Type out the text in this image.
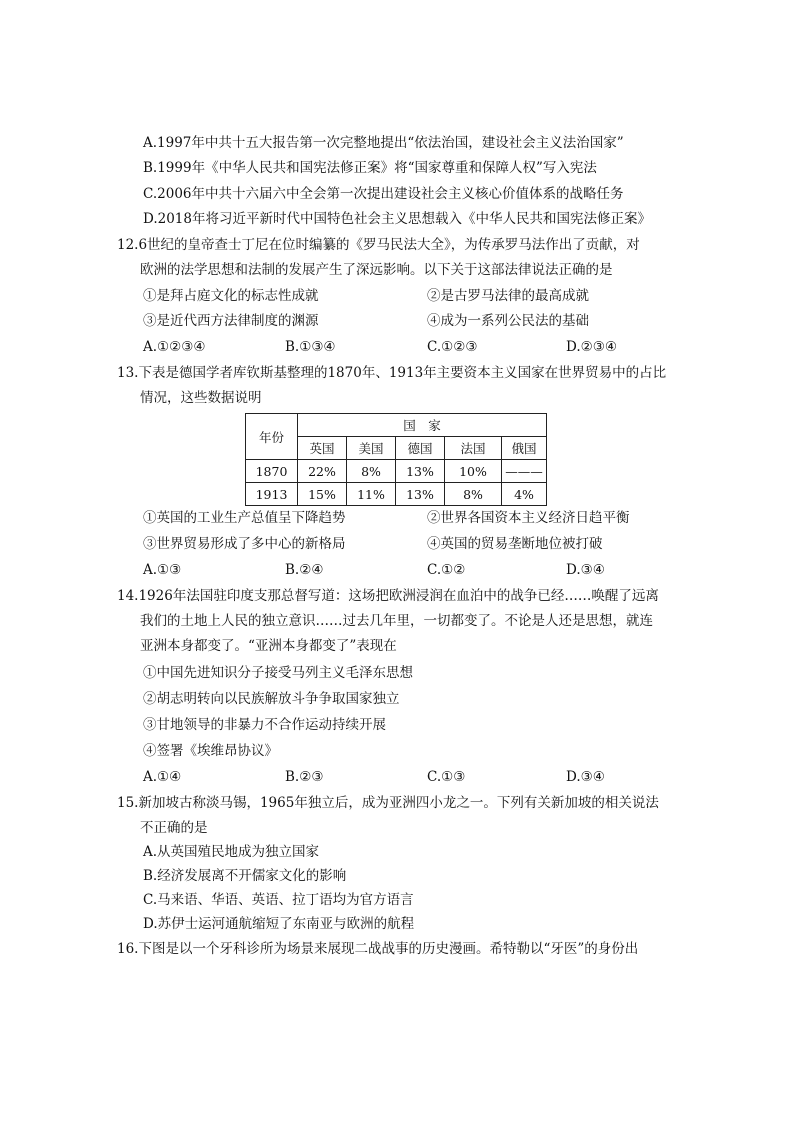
A.1997年中共十五大报告第一次完整地提出“依法治国，建设社会主义法治国家”
B.1999年《中华人民共和国宪法修正案》将“国家尊重和保障人权”写入宪法
C.2006年中共十六届六中全会第一次提出建设社会主义核心价值体系的战略任务
D.2018年将习近平新时代中国特色社会主义思想载入《中华人民共和国宪法修正案》
12.6世纪的皇帝查士丁尼在位时编纂的《罗马民法大全》，为传承罗马法作出了贡献，对
欧洲的法学思想和法制的发展产生了深远影响。以下关于这部法律说法正确的是
①是拜占庭文化的标志性成就	②是古罗马法律的最高成就
③是近代西方法律制度的渊源	④成为一系列公民法的基础
A.①②③④	B.①③④	C.①②③	D.②③④
13.下表是德国学者库钦斯基整理的1870年、1913年主要资本主义国家在世界贸易中的占比
情况，这些数据说明
年份	国　家				
	英国	美国	德国	法国	俄国
1870	22%	8%	13%	10%	———
1913	15%	11%	13%	8%	4%
①英国的工业生产总值呈下降趋势	②世界各国资本主义经济日趋平衡
③世界贸易形成了多中心的新格局	④英国的贸易垄断地位被打破
A.①③	B.②④	C.①②	D.③④
14.1926年法国驻印度支那总督写道：这场把欧洲浸润在血泊中的战争已经……唤醒了远离
我们的土地上人民的独立意识……过去几年里，一切都变了。不论是人还是思想，就连
亚洲本身都变了。“亚洲本身都变了”表现在
①中国先进知识分子接受马列主义毛泽东思想
②胡志明转向以民族解放斗争争取国家独立
③甘地领导的非暴力不合作运动持续开展
④签署《埃维昂协议》
A.①④	B.②③	C.①③	D.③④
15.新加坡古称淡马锡，1965年独立后，成为亚洲四小龙之一。下列有关新加坡的相关说法
不正确的是
A.从英国殖民地成为独立国家
B.经济发展离不开儒家文化的影响
C.马来语、华语、英语、拉丁语均为官方语言
D.苏伊士运河通航缩短了东南亚与欧洲的航程
16.下图是以一个牙科诊所为场景来展现二战战事的历史漫画。希特勒以“牙医”的身份出
